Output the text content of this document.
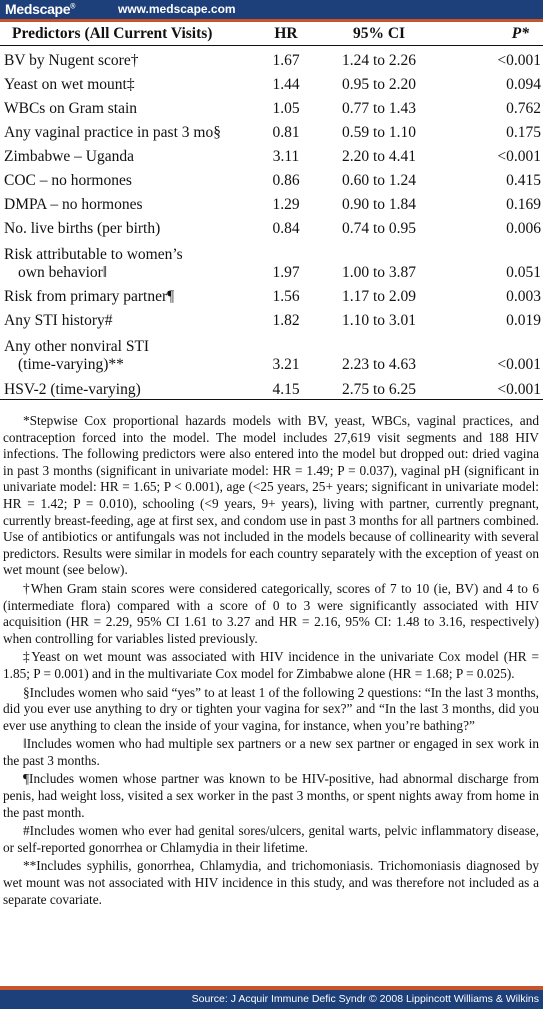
Medscape®	www.medscape.com
Predictors (All Current Visits)	HR	95% CI	P*
BV by Nugent score†	1.67	1.24 to 2.26	<0.001
Yeast on wet mount‡	1.44	0.95 to 2.20	0.094
WBCs on Gram stain	1.05	0.77 to 1.43	0.762
Any vaginal practice in past 3 mo§	0.81	0.59 to 1.10	0.175
Zimbabwe – Uganda	3.11	2.20 to 4.41	<0.001
COC – no hormones	0.86	0.60 to 1.24	0.415
DMPA – no hormones	1.29	0.90 to 1.84	0.169
No. live births (per birth)	0.84	0.74 to 0.95	0.006
Risk attributable to women’s
own behavior‖	1.97	1.00 to 3.87	0.051
Risk from primary partner¶	1.56	1.17 to 2.09	0.003
Any STI history#	1.82	1.10 to 3.01	0.019
Any other nonviral STI
(time-varying)**	3.21	2.23 to 4.63	<0.001
HSV-2 (time-varying)	4.15	2.75 to 6.25	<0.001

*Stepwise Cox proportional hazards models with BV, yeast, WBCs, vaginal practices, and contraception forced into the model. The model includes 27,619 visit segments and 188 HIV infections. The following predictors were also entered into the model but dropped out: dried vagina in past 3 months (significant in univariate model: HR = 1.49; P = 0.037), vaginal pH (significant in univariate model: HR = 1.65; P < 0.001), age (<25 years, 25+ years; significant in univariate model: HR = 1.42; P = 0.010), schooling (<9 years, 9+ years), living with partner, currently pregnant, currently breast-feeding, age at first sex, and condom use in past 3 months for all partners combined. Use of antibiotics or antifungals was not included in the models because of collinearity with several predictors. Results were similar in models for each country separately with the exception of yeast on wet mount (see below).

†When Gram stain scores were considered categorically, scores of 7 to 10 (ie, BV) and 4 to 6 (intermediate flora) compared with a score of 0 to 3 were significantly associated with HIV acquisition (HR = 2.29, 95% CI 1.61 to 3.27 and HR = 2.16, 95% CI: 1.48 to 3.16, respectively) when controlling for variables listed previously.

‡Yeast on wet mount was associated with HIV incidence in the univariate Cox model (HR = 1.85; P = 0.001) and in the multivariate Cox model for Zimbabwe alone (HR = 1.68; P = 0.025).

§Includes women who said “yes” to at least 1 of the following 2 questions: “In the last 3 months, did you ever use anything to dry or tighten your vagina for sex?” and “In the last 3 months, did you ever use anything to clean the inside of your vagina, for instance, when you’re bathing?”

‖Includes women who had multiple sex partners or a new sex partner or engaged in sex work in the past 3 months.

¶Includes women whose partner was known to be HIV-positive, had abnormal discharge from penis, had weight loss, visited a sex worker in the past 3 months, or spent nights away from home in the past month.

#Includes women who ever had genital sores/ulcers, genital warts, pelvic inflammatory disease, or self-reported gonorrhea or Chlamydia in their lifetime.

**Includes syphilis, gonorrhea, Chlamydia, and trichomoniasis. Trichomoniasis diagnosed by wet mount was not associated with HIV incidence in this study, and was therefore not included as a separate covariate.

Source: J Acquir Immune Defic Syndr © 2008 Lippincott Williams & Wilkins
